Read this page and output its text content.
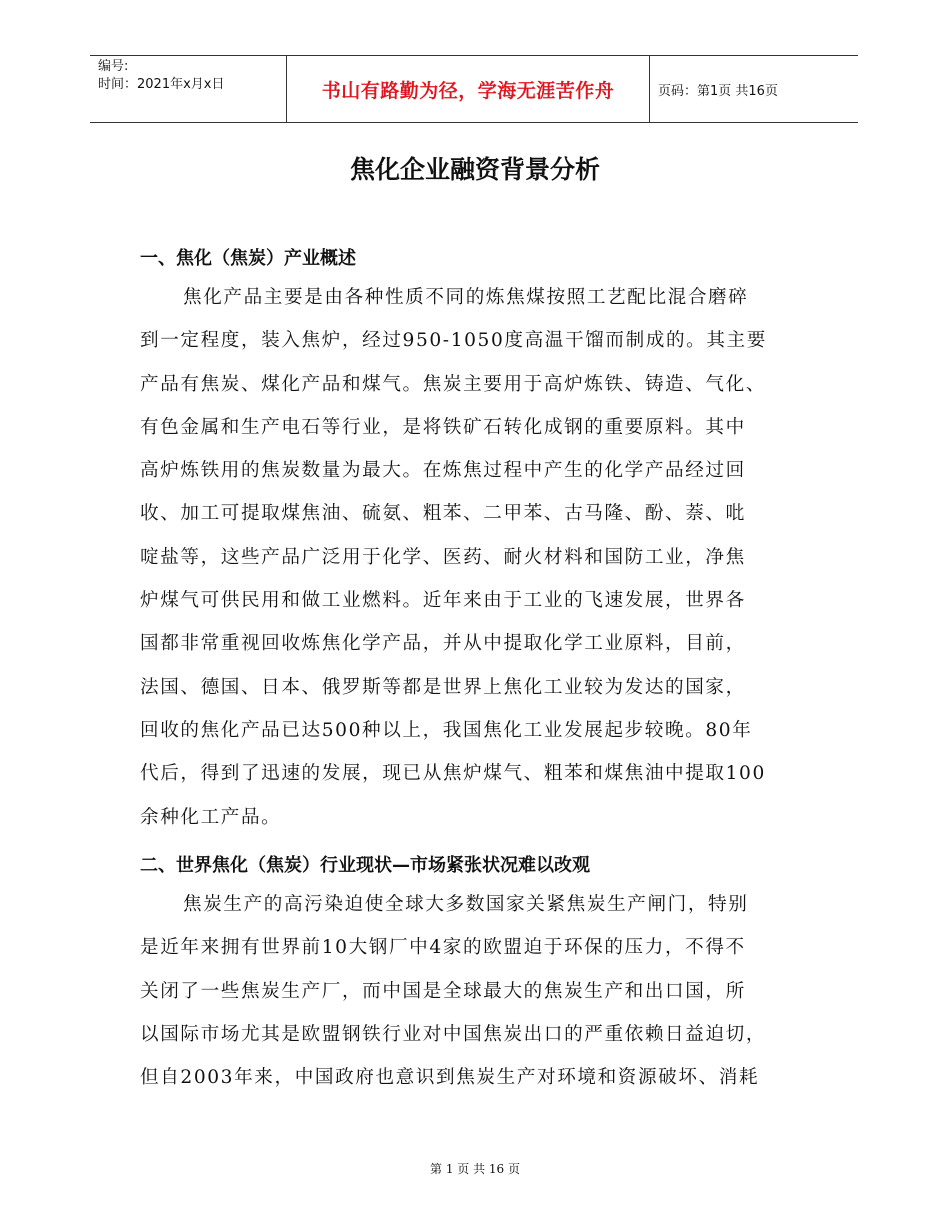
编号:
时间：2021年x月x日	书山有路勤为径，学海无涯苦作舟	页码：第1页 共16页
焦化企业融资背景分析
一、焦化（焦炭）产业概述
焦化产品主要是由各种性质不同的炼焦煤按照工艺配比混合磨碎
到一定程度，装入焦炉，经过950-1050度高温干馏而制成的。其主要
产品有焦炭、煤化产品和煤气。焦炭主要用于高炉炼铁、铸造、气化、
有色金属和生产电石等行业，是将铁矿石转化成钢的重要原料。其中
高炉炼铁用的焦炭数量为最大。在炼焦过程中产生的化学产品经过回
收、加工可提取煤焦油、硫氨、粗苯、二甲苯、古马隆、酚、萘、吡
啶盐等，这些产品广泛用于化学、医药、耐火材料和国防工业，净焦
炉煤气可供民用和做工业燃料。近年来由于工业的飞速发展，世界各
国都非常重视回收炼焦化学产品，并从中提取化学工业原料，目前，
法国、德国、日本、俄罗斯等都是世界上焦化工业较为发达的国家，
回收的焦化产品已达500种以上，我国焦化工业发展起步较晚。80年
代后，得到了迅速的发展，现已从焦炉煤气、粗苯和煤焦油中提取100
余种化工产品。
二、世界焦化（焦炭）行业现状—市场紧张状况难以改观
焦炭生产的高污染迫使全球大多数国家关紧焦炭生产闸门，特别
是近年来拥有世界前10大钢厂中4家的欧盟迫于环保的压力，不得不
关闭了一些焦炭生产厂，而中国是全球最大的焦炭生产和出口国，所
以国际市场尤其是欧盟钢铁行业对中国焦炭出口的严重依赖日益迫切，
但自2003年来，中国政府也意识到焦炭生产对环境和资源破坏、消耗
第 1 页 共 16 页
